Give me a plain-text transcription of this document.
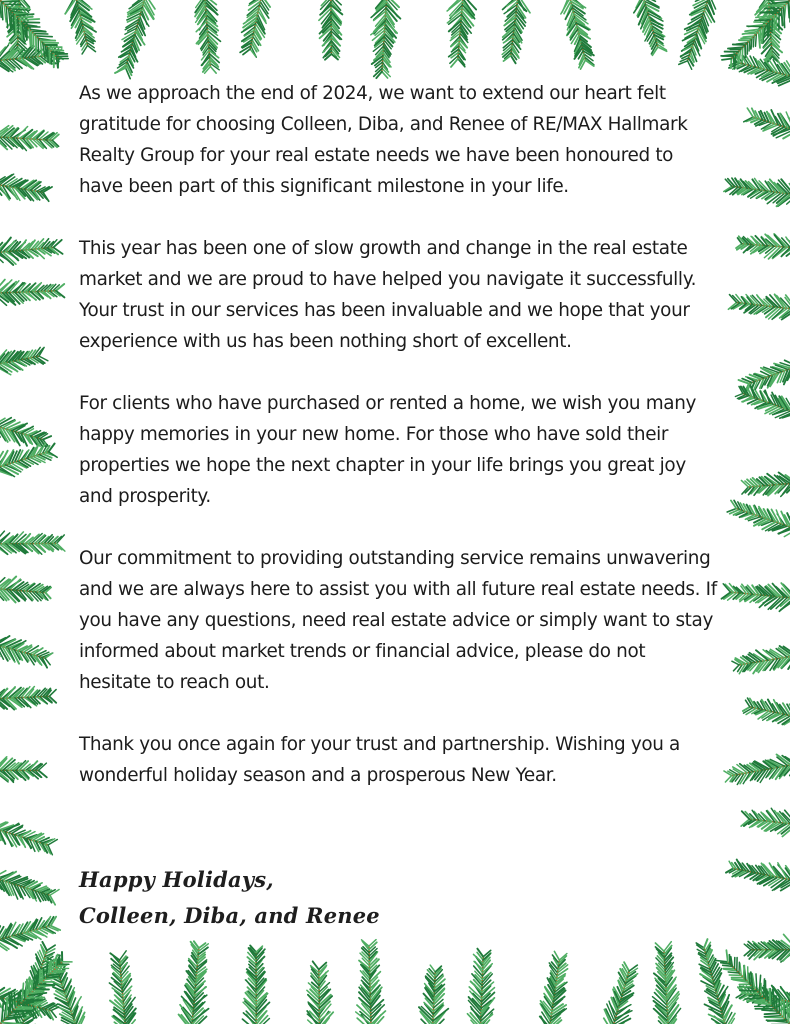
As we approach the end of 2024, we want to extend our heart felt gratitude for choosing Colleen, Diba, and Renee of RE/MAX Hallmark Realty Group for your real estate needs we have been honoured to have been part of this significant milestone in your life.

This year has been one of slow growth and change in the real estate market and we are proud to have helped you navigate it successfully. Your trust in our services has been invaluable and we hope that your experience with us has been nothing short of excellent.

For clients who have purchased or rented a home, we wish you many happy memories in your new home. For those who have sold their properties we hope the next chapter in your life brings you great joy and prosperity.

Our commitment to providing outstanding service remains unwavering and we are always here to assist you with all future real estate needs. If you have any questions, need real estate advice or simply want to stay informed about market trends or financial advice, please do not hesitate to reach out.

Thank you once again for your trust and partnership. Wishing you a wonderful holiday season and a prosperous New Year.

Happy Holidays,
Colleen, Diba, and Renee
